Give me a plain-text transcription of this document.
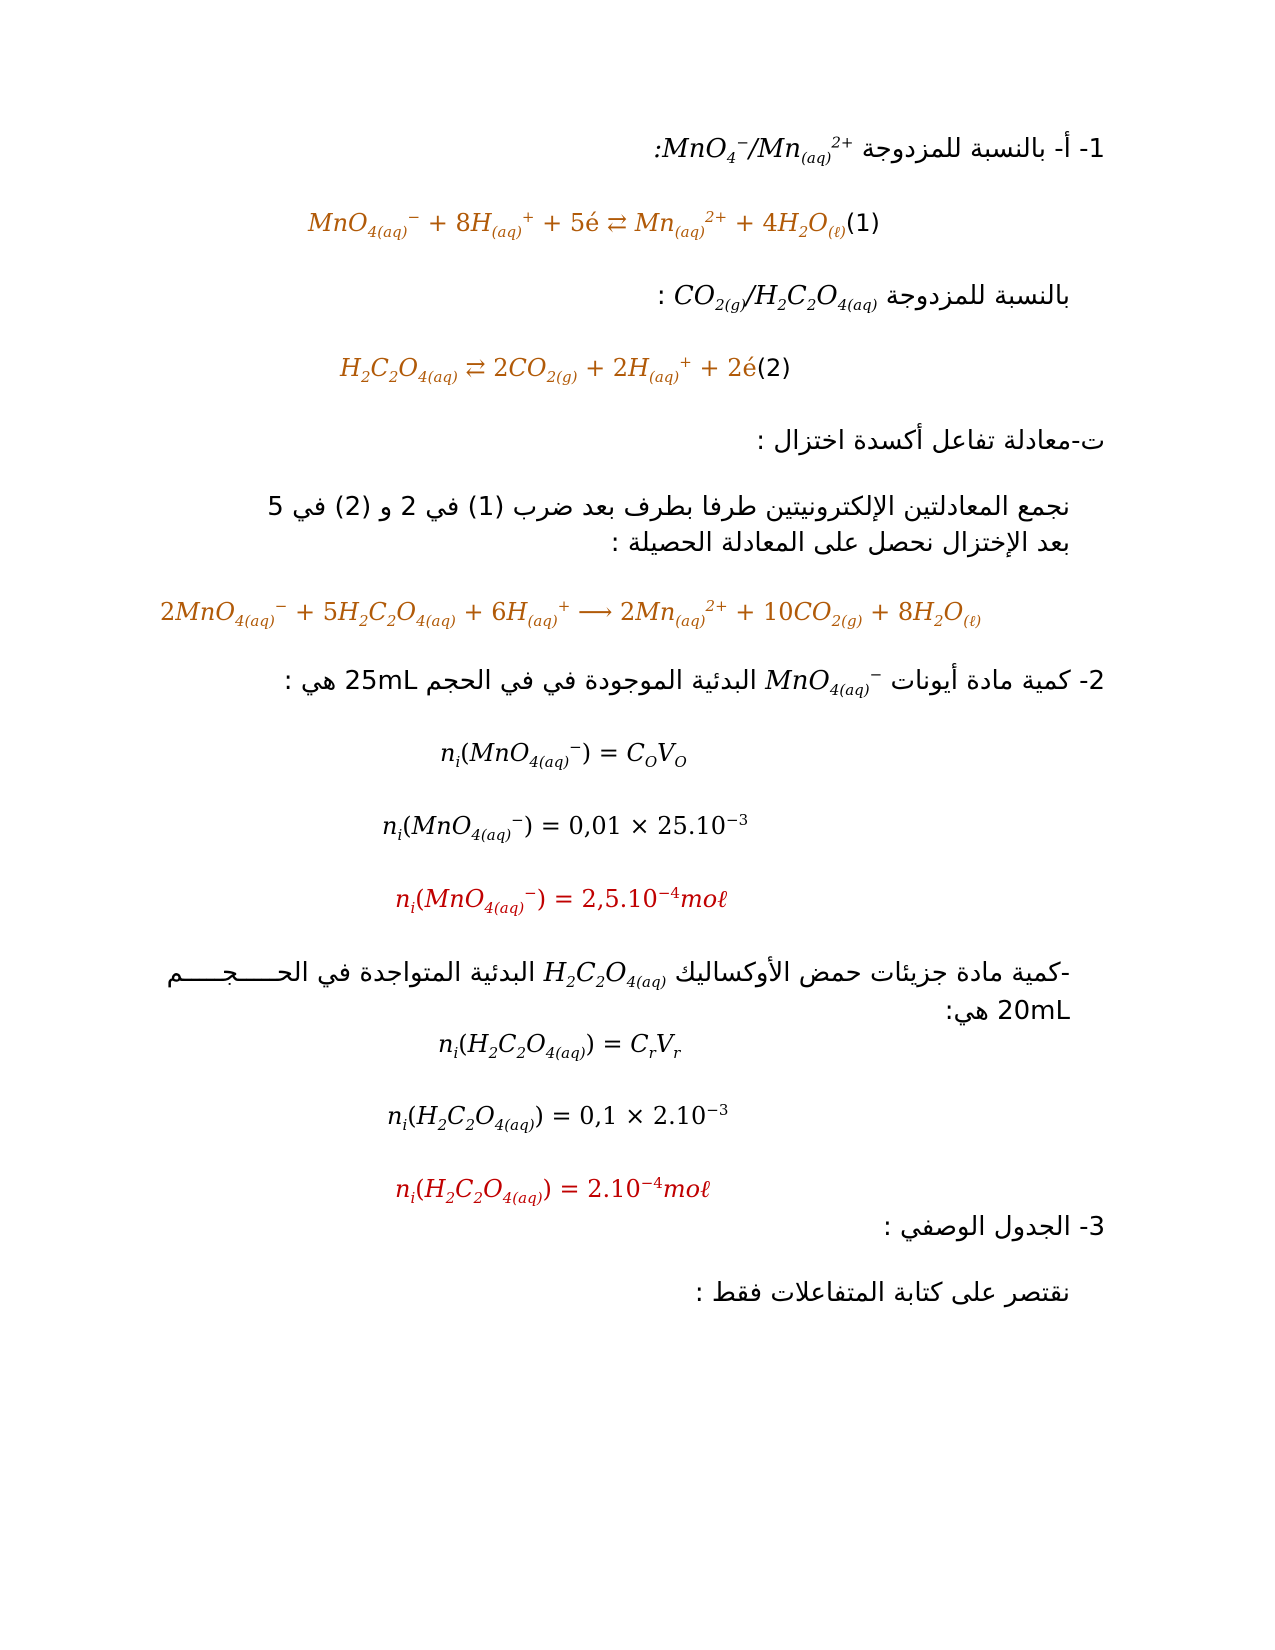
1- أ- بالنسبة للمزدوجة $:MnO_4^-/Mn_{(aq)}^{2+}$
$MnO_{4(aq)}^- + 8H_{(aq)}^+$ + 5é ⇄ $Mn_{(aq)}^{2+} + 4H_2O_{(\ell)}(1)$
بالنسبة للمزدوجة : $CO_{2(g)}/H_2C_2O_{4(aq)}$
$H_2C_2O_{4(aq)}$ ⇄ $2CO_{2(g)} + 2H_{(aq)}^+$ + 2é(2)
ت-معادلة تفاعل أكسدة اختزال :
نجمع المعادلتين الإلكترونيتين طرفا بطرف بعد ضرب (1) في 2 و (2) في 5
بعد الإختزال نحصل على المعادلة الحصيلة :
$2MnO_{4(aq)}^- + 5H_2C_2O_{4(aq)} + 6H_{(aq)}^+$ ⟶ $2Mn_{(aq)}^{2+} + 10CO_{2(g)} + 8H_2O_{(\ell)}$
2- كمية مادة أيونات MnO$_{4(aq)}$− البدئية الموجودة في في الحجم 25mL هي :
$n_i(MnO_{4(aq)}^-) = C_OV_O$
$n_i(MnO_{4(aq)}^-) = 0,01 \times 25.10^{-3}$
$n_i(MnO_{4(aq)}^-)$ = $2,5.10^{-4}mo\ell$
-كمية مادة جزيئات حمض الأوكساليك $H_2C_2O_{4(aq)}$ البدئية المتواجدة في الحـــــجـــــم
20mL هي:
$n_i(H_2C_2O_{4(aq)}) = C_rV_r$
$n_i(H_2C_2O_{4(aq)}) = 0,1 \times 2.10^{-3}$
$n_i(H_2C_2O_{4(aq)})$ = $2.10^{-4}mo\ell$
3- الجدول الوصفي :
نقتصر على كتابة المتفاعلات فقط :
